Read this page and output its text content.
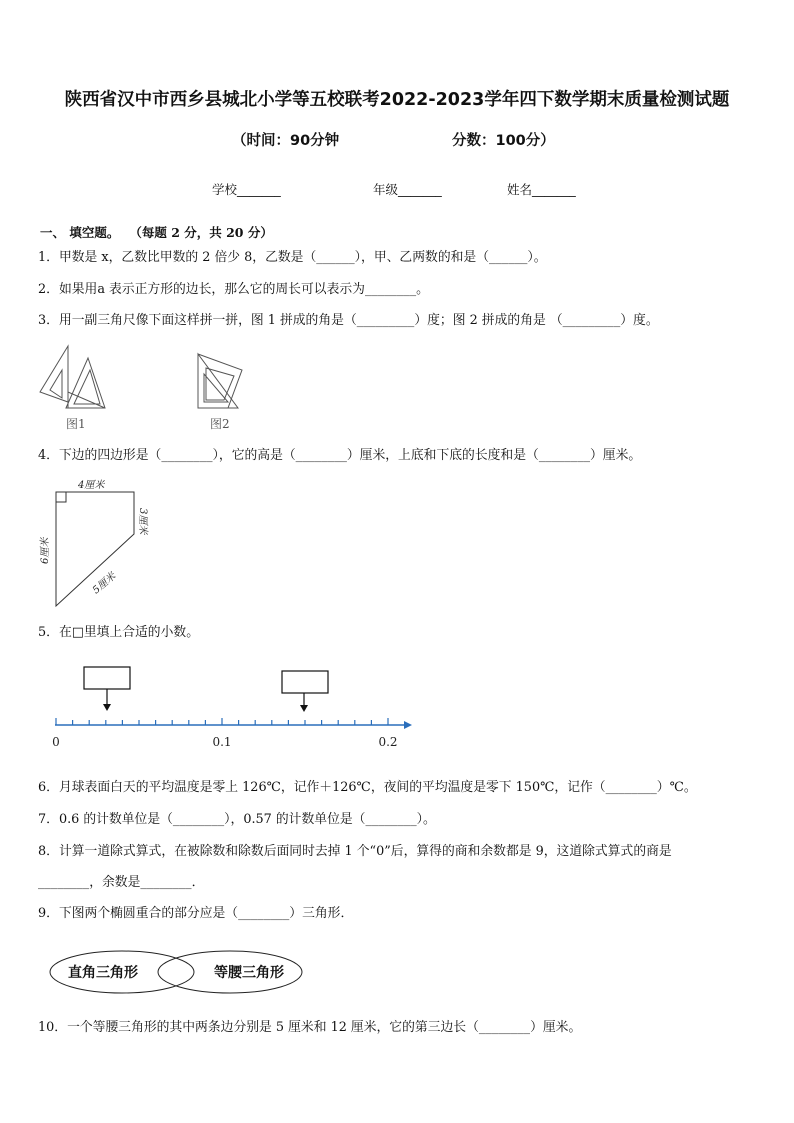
陕西省汉中市西乡县城北小学等五校联考2022-2023学年四下数学期末质量检测试题
（时间：90分钟	分数：100分）
学校_______	年级_______	姓名_______
一、 填空题。 （每题 2 分，共 20 分）
1．甲数是 x，乙数比甲数的 2 倍少 8，乙数是（______），甲、乙两数的和是（______）。
2．如果用a 表示正方形的边长，那么它的周长可以表示为________。
3．用一副三角尺像下面这样拼一拼，图 1 拼成的角是（_________）度；图 2 拼成的角是 （_________）度。
图1	图2
4．下边的四边形是（________），它的高是（________）厘米，上底和下底的长度和是（________）厘米。
4厘米
6厘米
3厘米
5厘米
5．在□里填上合适的小数。
0	0.1	0.2
6．月球表面白天的平均温度是零上 126℃，记作＋126℃，夜间的平均温度是零下 150℃，记作（________）℃。
7．0.6 的计数单位是（________），0.57 的计数单位是（________）。
8．计算一道除式算式，在被除数和除数后面同时去掉 1 个“0”后，算得的商和余数都是 9，这道除式算式的商是
________，余数是________．
9．下图两个椭圆重合的部分应是（________）三角形．
直角三角形	等腰三角形
10．一个等腰三角形的其中两条边分别是 5 厘米和 12 厘米，它的第三边长（________）厘米。
